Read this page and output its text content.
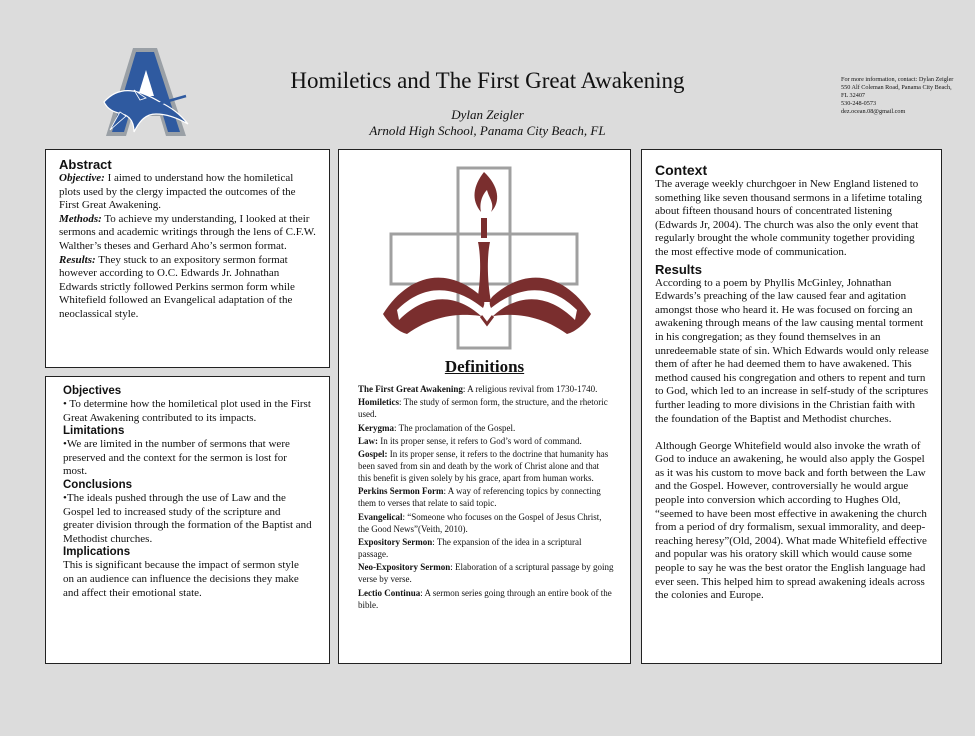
Homiletics and The First Great Awakening
Dylan Zeigler
Arnold High School, Panama City Beach, FL
For more information, contact: Dylan Zeigler
550 Alf Coleman Road, Panama City Beach,
FL 32407
530-248-0573
dez.ocean.08@gmail.com
Abstract

Objective: I aimed to understand how the homiletical plots used by the clergy impacted the outcomes of the First Great Awakening.

Methods: To achieve my understanding, I looked at their sermons and academic writings through the lens of C.F.W. Walther’s theses and Gerhard Aho’s sermon format.

Results: They stuck to an expository sermon format however according to O.C. Edwards Jr. Johnathan Edwards strictly followed Perkins sermon form while Whitefield followed an Evangelical adaptation of the neoclassical style.

Objectives
• To determine how the homiletical plot used in the First Great Awakening contributed to its impacts.
Limitations
•We are limited in the number of sermons that were preserved and the context for the sermon is lost for most.
Conclusions
•The ideals pushed through the use of Law and the Gospel led to increased study of the scripture and greater division through the formation of the Baptist and Methodist churches.
Implications
This is significant because the impact of sermon style on an audience can influence the decisions they make and affect their emotional state.
Definitions

The First Great Awakening: A religious revival from 1730-1740.

Homiletics: The study of sermon form, the structure, and the rhetoric used.

Kerygma: The proclamation of the Gospel.

Law: In its proper sense, it refers to God’s word of command.

Gospel: In its proper sense, it refers to the doctrine that humanity has been saved from sin and death by the work of Christ alone and that this benefit is given solely by his grace, apart from human works.

Perkins Sermon Form: A way of referencing topics by connecting them to verses that relate to said topic.

Evangelical: “Someone who focuses on the Gospel of Jesus Christ, the Good News”(Veith, 2010).

Expository Sermon: The expansion of the idea in a scriptural passage.

Neo-Expository Sermon: Elaboration of a scriptural passage by going verse by verse.

Lectio Continua: A sermon series going through an entire book of the bible.

Context
The average weekly churchgoer in New England listened to something like seven thousand sermons in a lifetime totaling about fifteen thousand hours of concentrated listening (Edwards Jr, 2004). The church was also the only event that regularly brought the whole community together providing the most effective mode of communication.
Results
According to a poem by Phyllis McGinley, Johnathan Edwards’s preaching of the law caused fear and agitation amongst those who heard it. He was focused on forcing an awakening through means of the law causing mental torment in his congregation; as they found themselves in an unredeemable state of sin. Which Edwards would only release them of after he had deemed them to have awakened. This method caused his congregation and others to repent and turn to God, which led to an increase in self-study of the scriptures further leading to more divisions in the Christian faith with the foundation of the Baptist and Methodist churches.
Although George Whitefield would also invoke the wrath of God to induce an awakening, he would also apply the Gospel as it was his custom to move back and forth between the Law and the Gospel. However, controversially he would argue people into conversion which according to Hughes Old, “seemed to have been most effective in awakening the church from a period of dry formalism, sexual immorality, and deep-reaching heresy”(Old, 2004). What made Whitefield effective and popular was his oratory skill which would cause some people to say he was the best orator the English language had ever seen. This helped him to spread awakening ideals across the colonies and Europe.
